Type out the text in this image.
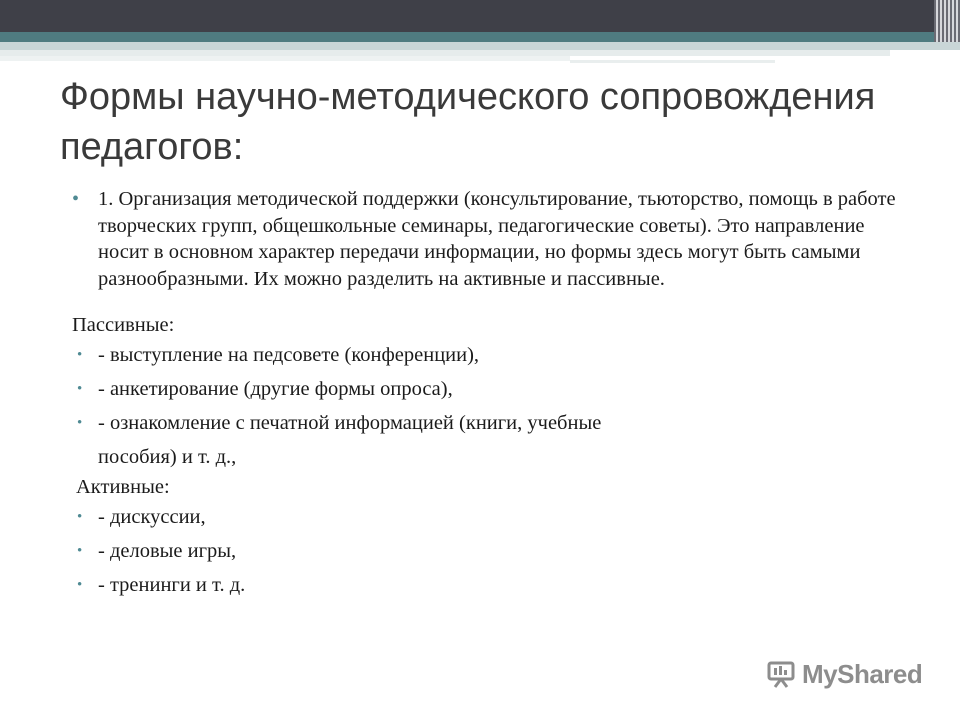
Формы научно-методического сопровождения педагогов:

• 1. Организация методической поддержки (консультирование, тьюторство, помощь в работе творческих групп, общешкольные семинары, педагогические советы). Это направление носит в основном характер передачи информации, но формы здесь могут быть самыми разнообразными. Их можно разделить на активные и пассивные.

Пассивные:

• - выступление на педсовете (конференции),
• - анкетирование (другие формы опроса),
• - ознакомление с печатной информацией (книги, учебные
пособия) и т. д.,

Активные:

• - дискуссии,
• - деловые игры,
• - тренинги и т. д.
MyShared
